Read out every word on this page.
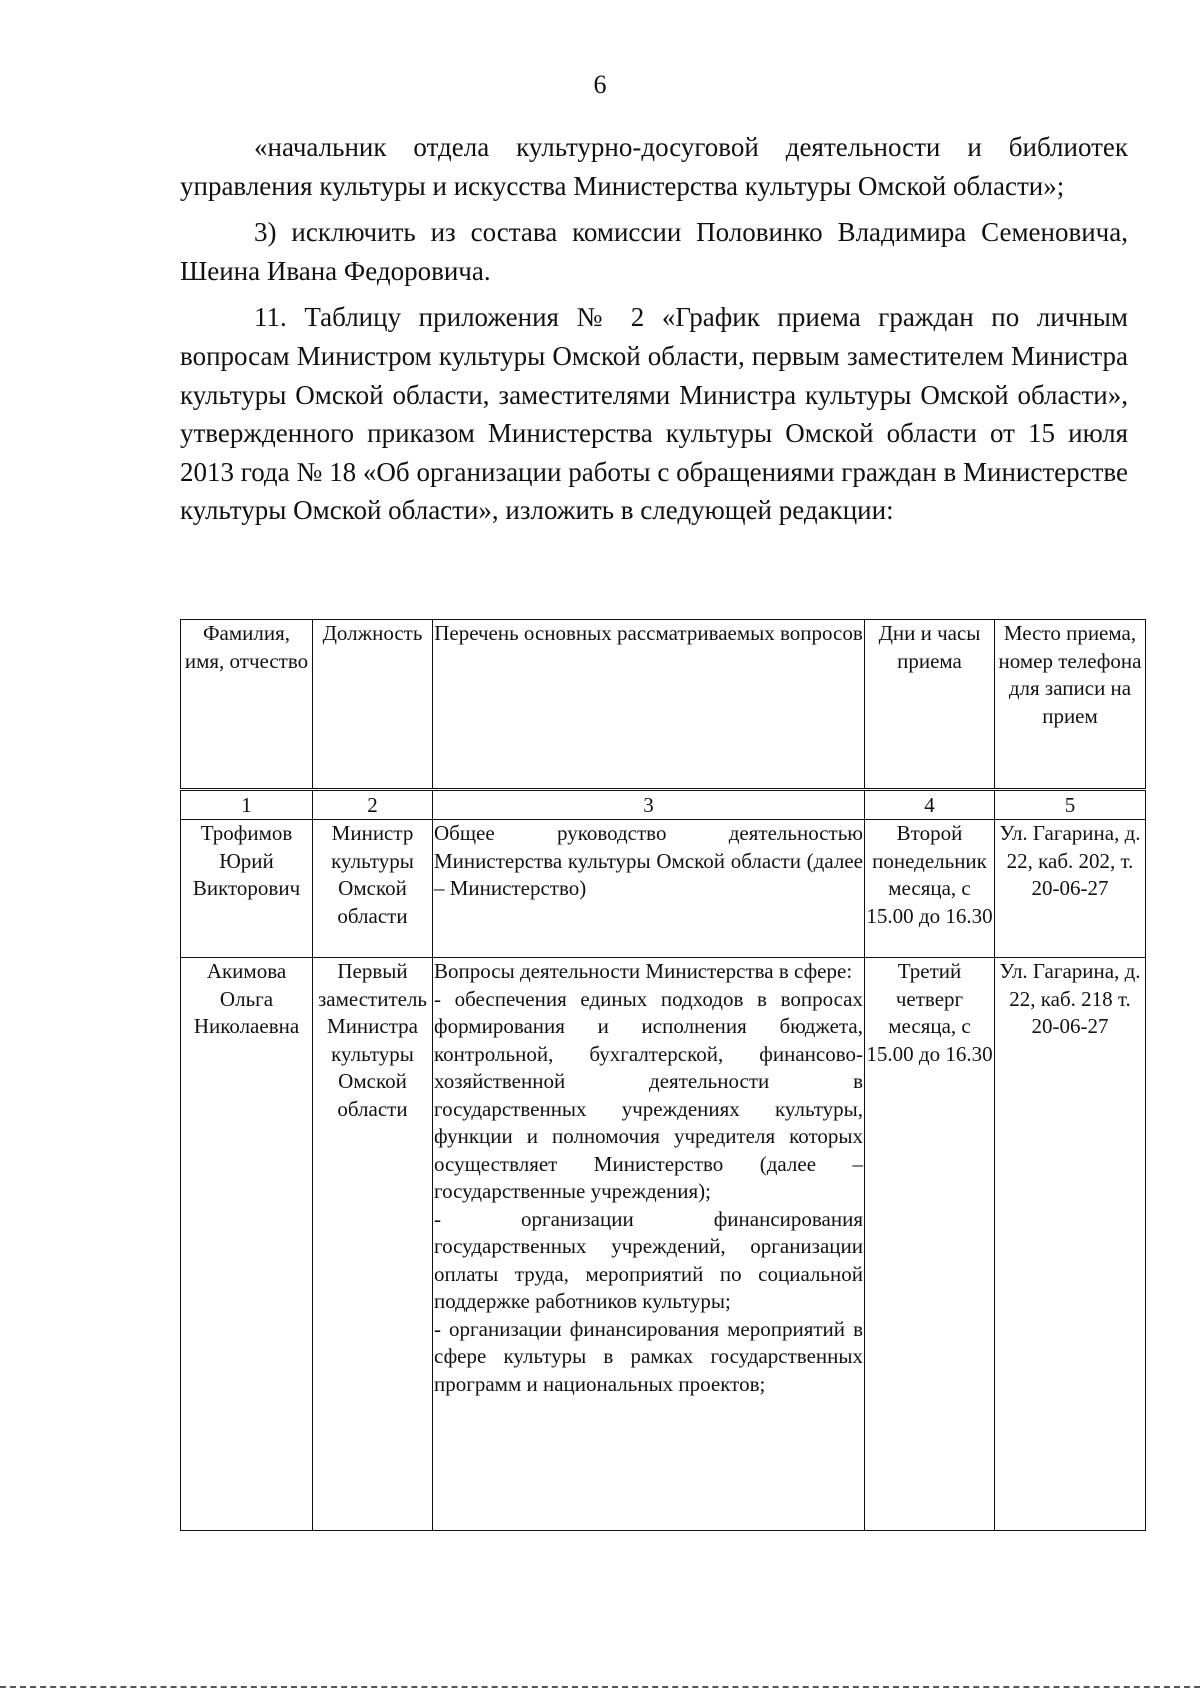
6

«начальник отдела культурно-досуговой деятельности и библиотек управления культуры и искусства Министерства культуры Омской области»;

3) исключить из состава комиссии Половинко Владимира Семеновича, Шеина Ивана Федоровича.

11. Таблицу приложения № 2 «График приема граждан по личным вопросам Министром культуры Омской области, первым заместителем Министра культуры Омской области, заместителями Министра культуры Омской области», утвержденного приказом Министерства культуры Омской области от 15 июля 2013 года № 18 «Об организации работы с обращениями граждан в Министерстве культуры Омской области», изложить в следующей редакции:

Фамилия, имя, отчество	Должность	Перечень основных рассматриваемых вопросов	Дни и часы приема	Место приема, номер телефона для записи на прием
1	2	3	4	5
Трофимов Юрий Викторович	Министр культуры Омской области	Общее руководство деятельностью Министерства культуры Омской области (далее – Министерство)	Второй понедельник месяца, с 15.00 до 16.30	Ул. Гагарина, д. 22, каб. 202, т. 20-06-27
Акимова Ольга Николаевна	Первый заместитель Министра культуры Омской области	Вопросы деятельности Министерства в сфере:
- обеспечения единых подходов в вопросах формирования и исполнения бюджета, контрольной, бухгалтерской, финансово-хозяйственной деятельности в государственных учреждениях культуры, функции и полномочия учредителя которых осуществляет Министерство (далее – государственные учреждения);
- организации финансирования государственных учреждений, организации оплаты труда, мероприятий по социальной поддержке работников культуры;
- организации финансирования мероприятий в сфере культуры в рамках государственных программ и национальных проектов;	Третий четверг месяца, с 15.00 до 16.30	Ул. Гагарина, д. 22, каб. 218 т. 20-06-27
